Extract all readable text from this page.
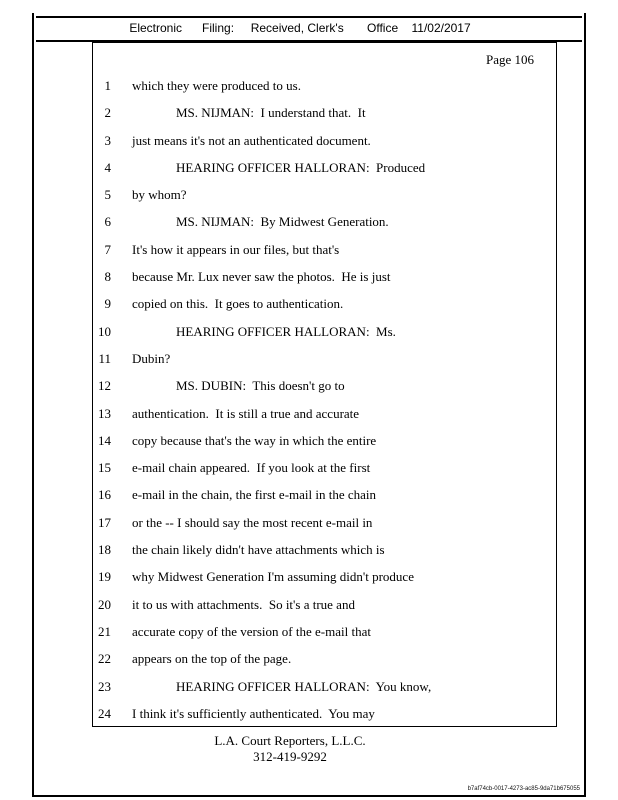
Electronic      Filing:     Received, Clerk's       Office    11/02/2017
Page 106
1 which they were produced to us.
2	MS. NIJMAN:  I understand that.  It
3 just means it's not an authenticated document.
4	HEARING OFFICER HALLORAN:  Produced
5 by whom?
6	MS. NIJMAN:  By Midwest Generation.
7 It's how it appears in our files, but that's
8 because Mr. Lux never saw the photos.  He is just
9 copied on this.  It goes to authentication.
10	HEARING OFFICER HALLORAN:  Ms.
11 Dubin?
12	MS. DUBIN:  This doesn't go to
13 authentication.  It is still a true and accurate
14 copy because that's the way in which the entire
15 e-mail chain appeared.  If you look at the first
16 e-mail in the chain, the first e-mail in the chain
17 or the -- I should say the most recent e-mail in
18 the chain likely didn't have attachments which is
19 why Midwest Generation I'm assuming didn't produce
20 it to us with attachments.  So it's a true and
21 accurate copy of the version of the e-mail that
22 appears on the top of the page.
23	HEARING OFFICER HALLORAN:  You know,
24 I think it's sufficiently authenticated.  You may
L.A. Court Reporters, L.L.C.
312-419-9292
b7af74cb-0017-4273-ac85-9da71b675055
